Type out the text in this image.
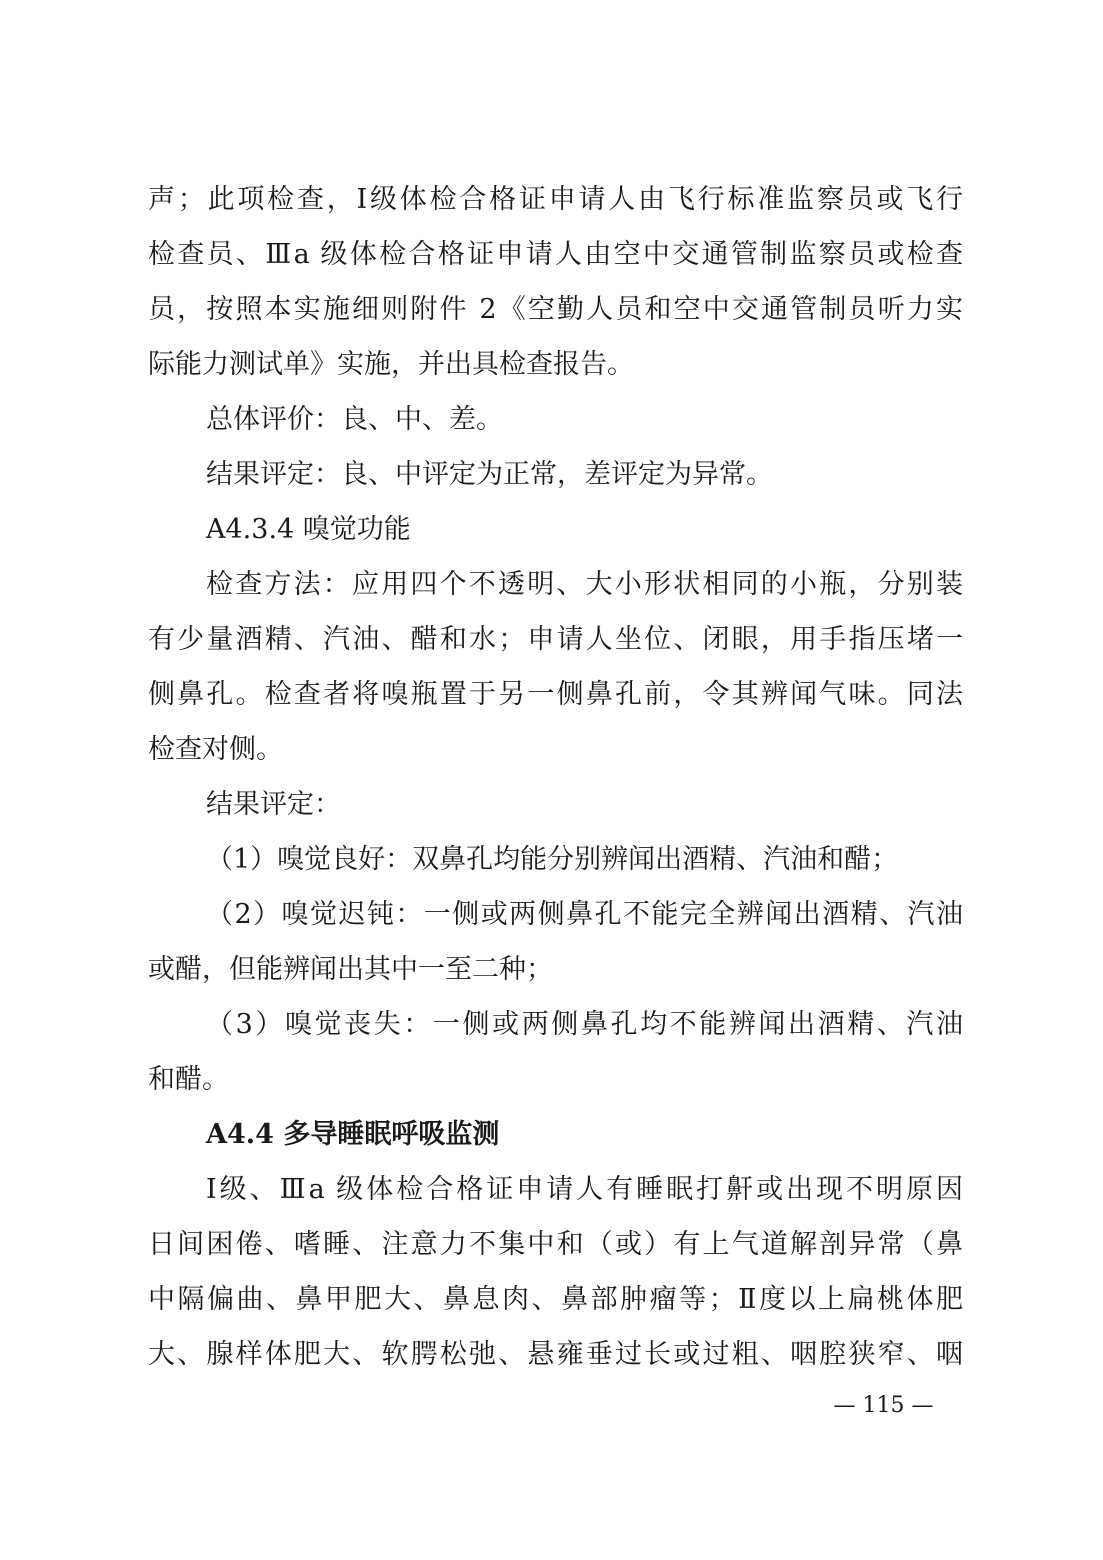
声；此项检查，Ⅰ级体检合格证申请人由飞行标准监察员或飞行
检查员、Ⅲa 级体检合格证申请人由空中交通管制监察员或检查
员，按照本实施细则附件 2《空勤人员和空中交通管制员听力实
际能力测试单》实施，并出具检查报告。
总体评价：良、中、差。
结果评定：良、中评定为正常，差评定为异常。
A4.3.4 嗅觉功能
检查方法：应用四个不透明、大小形状相同的小瓶，分别装
有少量酒精、汽油、醋和水；申请人坐位、闭眼，用手指压堵一
侧鼻孔。检查者将嗅瓶置于另一侧鼻孔前，令其辨闻气味。同法
检查对侧。
结果评定：
（1）嗅觉良好：双鼻孔均能分别辨闻出酒精、汽油和醋；
（2）嗅觉迟钝：一侧或两侧鼻孔不能完全辨闻出酒精、汽油
或醋，但能辨闻出其中一至二种；
（3）嗅觉丧失：一侧或两侧鼻孔均不能辨闻出酒精、汽油
和醋。
A4.4 多导睡眠呼吸监测
Ⅰ级、Ⅲa 级体检合格证申请人有睡眠打鼾或出现不明原因
日间困倦、嗜睡、注意力不集中和（或）有上气道解剖异常（鼻
中隔偏曲、鼻甲肥大、鼻息肉、鼻部肿瘤等；Ⅱ度以上扁桃体肥
大、腺样体肥大、软腭松弛、悬雍垂过长或过粗、咽腔狭窄、咽
— 115 —
